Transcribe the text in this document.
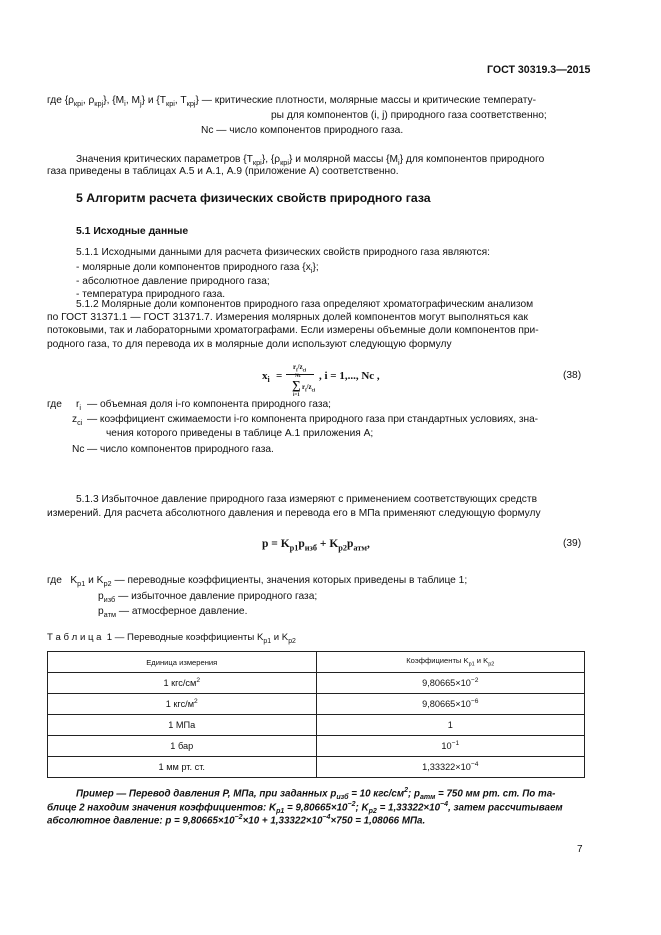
ГОСТ 30319.3—2015
где {$\rho_{крi}$, $\rho_{крj}$}, {$M_i$, $M_j$} и {$T_{крi}$, $T_{крj}$} — критические плотности, молярные массы и критические температу-
ры для компонентов (i, j) природного газа соответственно;
Nc — число компонентов природного газа.
Значения критических параметров $\{T_{крi}\}$, $\{\rho_{крi}\}$ и молярной массы $\{M_i\}$ для компонентов природного
газа приведены в таблицах А.5 и А.1, А.9 (приложение А) соответственно.
5 Алгоритм расчета физических свойств природного газа
5.1 Исходные данные
5.1.1 Исходными данными для расчета физических свойств природного газа являются:
- молярные доли компонентов природного газа $\{x_i\}$;
- абсолютное давление природного газа;
- температура природного газа.
5.1.2 Молярные доли компонентов природного газа определяют хроматографическим анализом
по ГОСТ 31371.1 — ГОСТ 31371.7. Измерения молярных долей компонентов могут выполняться как
потоковыми, так и лабораторными хроматографами. Если измерены объемные доли компонентов при-
родного газа, то для перевода их в молярные доли используют следующую формулу
$x_i$ =
$r_i/z_{ci}$
Nc
∑ $r_i/z_{ci}$
i=1
, i = 1,..., Nc ,	(38)
где     $r_i$ — объемная доля i-го компонента природного газа;
$z_{ci}$ — коэффициент сжимаемости i-го компонента природного газа при стандартных условиях, зна-
чения которого приведены в таблице А.1 приложения А;
Nc — число компонентов природного газа.
5.1.3 Избыточное давление природного газа измеряют с применением соответствующих средств
измерений. Для расчета абсолютного давления и перевода его в МПа применяют следующую формулу
$p = K_{p1}p_{изб} + K_{p2}p_{атм}$,	(39)
где   $K_{p1}$ и $K_{p2}$ — переводные коэффициенты, значения которых приведены в таблице 1;
$p_{изб}$ — избыточное давление природного газа;
$p_{атм}$ — атмосферное давление.
Т а б л и ц а  1 — Переводные коэффициенты $K_{p1}$ и $K_{p2}$
Единица измерения	Коэффициенты $K_{p1}$ и $K_{p2}$
1 кгс/$см^2$	$9,80665\times 10^{-2}$
1 кгс/$м^2$	$9,80665\times 10^{-6}$
1 МПа	1
1 бар	$10^{-1}$
1 мм рт. ст.	$1,33322\times 10^{-4}$
Пример — Перевод давления P, МПа, при заданных $p_{изб} = 10$ кгс/$см^2$; $p_{атм} = 750$ мм рт. ст. По та-
блице 2 находим значения коэффициентов: $K_{p1} = 9,80665\times 10^{-2}$; $K_{p2} = 1,33322\times 10^{-4}$, затем рассчитываем
абсолютное давление: $p = 9,80665\times 10^{-2}\times 10 + 1,33322\times 10^{-4}\times 750 = 1,08066$ МПа.
7
